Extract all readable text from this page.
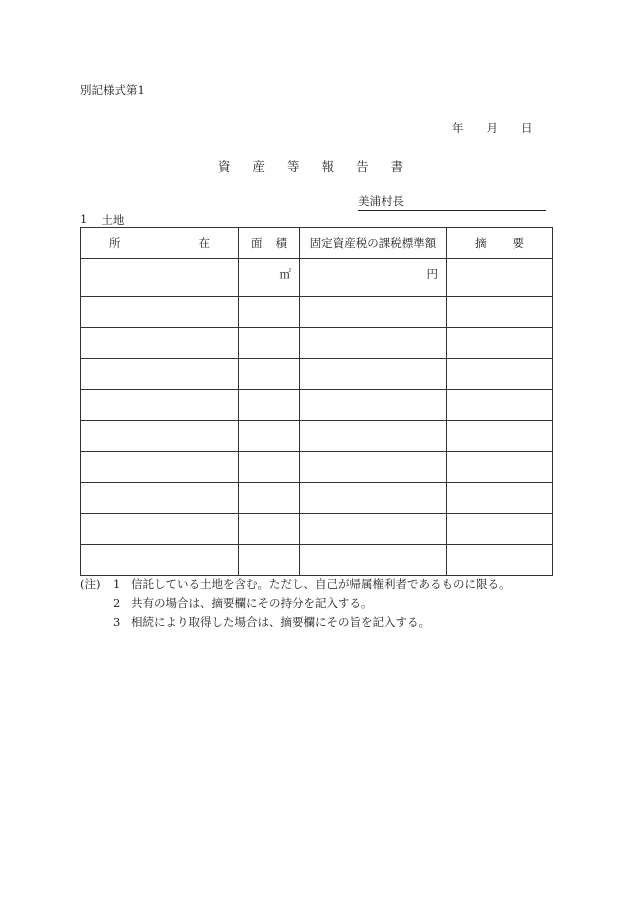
別記様式第1
年 月 日
資 産 等 報 告 書
美浦村長
1 土地
所 在	面 積	固定資産税の課税標準額	摘 要

	㎡	円	

(注)	1 信託している土地を含む。ただし、自己が帰属権利者であるものに限る。
2 共有の場合は、摘要欄にその持分を記入する。
3 相続により取得した場合は、摘要欄にその旨を記入する。
